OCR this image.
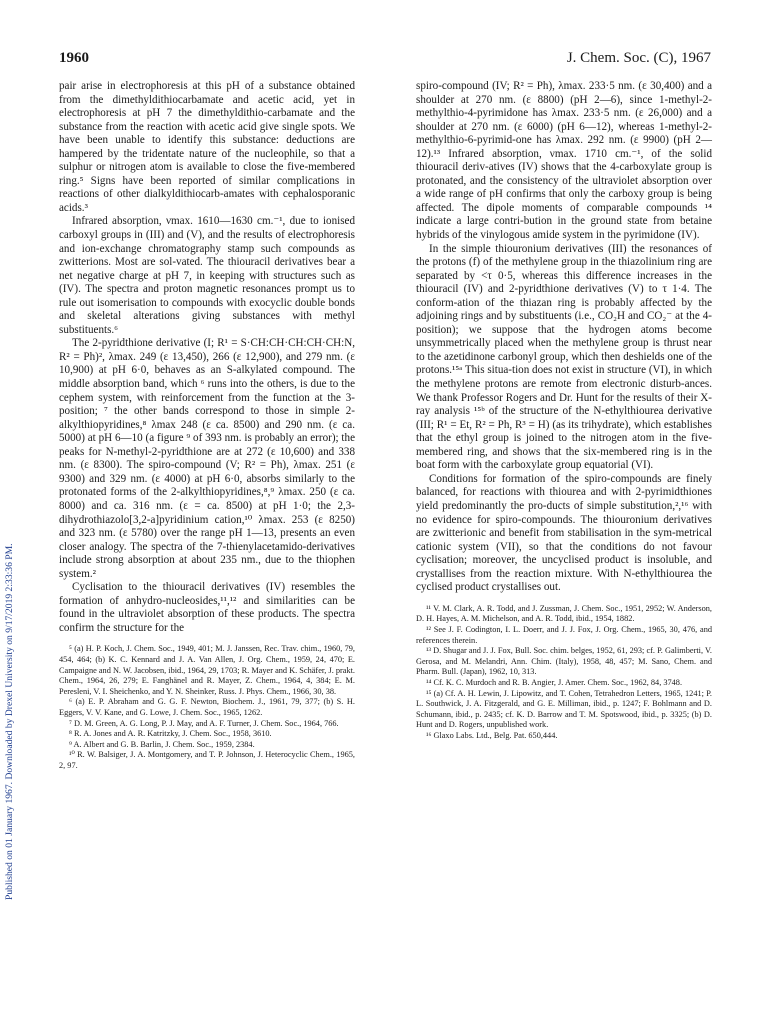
1960	J. Chem. Soc. (C), 1967
Published on 01 January 1967. Downloaded by Drexel University on 9/17/2019 2:33:36 PM.

pair arise in electrophoresis at this pH of a substance obtained from the dimethyldithiocarbamate and acetic acid, yet in electrophoresis at pH 7 the dimethyldithio-carbamate and the substance from the reaction with acetic acid give single spots. We have been unable to identify this substance: deductions are hampered by the tridentate nature of the nucleophile, so that a sulphur or nitrogen atom is available to close the five-membered ring.⁵ Signs have been reported of similar complications in reactions of other dialkyldithiocarb-amates with cephalosporanic acids.³

Infrared absorption, νmax. 1610—1630 cm.⁻¹, due to ionised carboxyl groups in (III) and (V), and the results of electrophoresis and ion-exchange chromatography stamp such compounds as zwitterions. Most are sol-vated. The thiouracil derivatives bear a net negative charge at pH 7, in keeping with structures such as (IV). The spectra and proton magnetic resonances prompt us to rule out isomerisation to compounds with exocyclic double bonds and skeletal alterations giving substances with methyl substituents.⁶

The 2-pyridthione derivative (I; R¹ = S·CH:CH·CH:CH·CH:N, R² = Ph)², λmax. 249 (ε 13,450), 266 (ε 12,900), and 279 nm. (ε 10,900) at pH 6·0, behaves as an S-alkylated compound. The middle absorption band, which ⁶ runs into the others, is due to the cephem system, with reinforcement from the function at the 3-position; ⁷ the other bands correspond to those in simple 2-alkylthiopyridines,⁸ λmax 248 (ε ca. 8500) and 290 nm. (ε ca. 5000) at pH 6—10 (a figure ⁹ of 393 nm. is probably an error); the peaks for N-methyl-2-pyridthione are at 272 (ε 10,600) and 338 nm. (ε 8300). The spiro-compound (V; R² = Ph), λmax. 251 (ε 9300) and 329 nm. (ε 4000) at pH 6·0, absorbs similarly to the protonated forms of the 2-alkylthiopyridines,⁸,⁹ λmax. 250 (ε ca. 8000) and ca. 316 nm. (ε = ca. 8500) at pH 1·0; the 2,3-dihydrothiazolo[3,2-a]pyridinium cation,¹⁰ λmax. 253 (ε 8250) and 323 nm. (ε 5780) over the range pH 1—13, presents an even closer analogy. The spectra of the 7-thienylacetamido-derivatives include strong absorption at about 235 nm., due to the thiophen system.²

Cyclisation to the thiouracil derivatives (IV) resembles the formation of anhydro-nucleosides,¹¹,¹² and similarities can be found in the ultraviolet absorption of these products. The spectra confirm the structure for the

⁵ (a) H. P. Koch, J. Chem. Soc., 1949, 401; M. J. Janssen, Rec. Trav. chim., 1960, 79, 454, 464; (b) K. C. Kennard and J. A. Van Allen, J. Org. Chem., 1959, 24, 470; E. Campaigne and N. W. Jacobsen, ibid., 1964, 29, 1703; R. Mayer and K. Schäfer, J. prakt. Chem., 1964, 26, 279; E. Fanghänel and R. Mayer, Z. Chem., 1964, 4, 384; E. M. Peresleni, V. I. Sheichenko, and Y. N. Sheinker, Russ. J. Phys. Chem., 1966, 30, 38.

⁶ (a) E. P. Abraham and G. G. F. Newton, Biochem. J., 1961, 79, 377; (b) S. H. Eggers, V. V. Kane, and G. Lowe, J. Chem. Soc., 1965, 1262.

⁷ D. M. Green, A. G. Long, P. J. May, and A. F. Turner, J. Chem. Soc., 1964, 766.

⁸ R. A. Jones and A. R. Katritzky, J. Chem. Soc., 1958, 3610.

⁹ A. Albert and G. B. Barlin, J. Chem. Soc., 1959, 2384.

¹⁰ R. W. Balsiger, J. A. Montgomery, and T. P. Johnson, J. Heterocyclic Chem., 1965, 2, 97.

spiro-compound (IV; R² = Ph), λmax. 233·5 nm. (ε 30,400) and a shoulder at 270 nm. (ε 8800) (pH 2—6), since 1-methyl-2-methylthio-4-pyrimidone has λmax. 233·5 nm. (ε 26,000) and a shoulder at 270 nm. (ε 6000) (pH 6—12), whereas 1-methyl-2-methylthio-6-pyrimid-one has λmax. 292 nm. (ε 9900) (pH 2—12).¹³ Infrared absorption, νmax. 1710 cm.⁻¹, of the solid thiouracil deriv-atives (IV) shows that the 4-carboxylate group is protonated, and the consistency of the ultraviolet absorption over a wide range of pH confirms that only the carboxy group is being affected. The dipole moments of comparable compounds ¹⁴ indicate a large contri-bution in the ground state from betaine hybrids of the vinylogous amide system in the pyrimidone (IV).

In the simple thiouronium derivatives (III) the resonances of the protons (f) of the methylene group in the thiazolinium ring are separated by <τ 0·5, whereas this difference increases in the thiouracil (IV) and 2-pyridthione derivatives (V) to τ 1·4. The conform-ation of the thiazan ring is probably affected by the adjoining rings and by substituents (i.e., CO₂H and CO₂⁻ at the 4-position); we suppose that the hydrogen atoms become unsymmetrically placed when the methylene group is thrust near to the azetidinone carbonyl group, which then deshields one of the protons.¹⁵ᵃ This situa-tion does not exist in structure (VI), in which the methylene protons are remote from electronic disturb-ances. We thank Professor Rogers and Dr. Hunt for the results of their X-ray analysis ¹⁵ᵇ of the structure of the N-ethylthiourea derivative (III; R¹ = Et, R² = Ph, R³ = H) (as its trihydrate), which establishes that the ethyl group is joined to the nitrogen atom in the five-membered ring, and shows that the six-membered ring is in the boat form with the carboxylate group equatorial (VI).

Conditions for formation of the spiro-compounds are finely balanced, for reactions with thiourea and with 2-pyrimidthiones yield predominantly the pro-ducts of simple substitution,²,¹⁶ with no evidence for spiro-compounds. The thiouronium derivatives are zwitterionic and benefit from stabilisation in the sym-metrical cationic system (VII), so that the conditions do not favour cyclisation; moreover, the uncyclised product is insoluble, and crystallises from the reaction mixture. With N-ethylthiourea the cyclised product crystallises out.

¹¹ V. M. Clark, A. R. Todd, and J. Zussman, J. Chem. Soc., 1951, 2952; W. Anderson, D. H. Hayes, A. M. Michelson, and A. R. Todd, ibid., 1954, 1882.

¹² See J. F. Codington, I. L. Doerr, and J. J. Fox, J. Org. Chem., 1965, 30, 476, and references therein.

¹³ D. Shugar and J. J. Fox, Bull. Soc. chim. belges, 1952, 61, 293; cf. P. Galimberti, V. Gerosa, and M. Melandri, Ann. Chim. (Italy), 1958, 48, 457; M. Sano, Chem. and Pharm. Bull. (Japan), 1962, 10, 313.

¹⁴ Cf. K. C. Murdoch and R. B. Angier, J. Amer. Chem. Soc., 1962, 84, 3748.

¹⁵ (a) Cf. A. H. Lewin, J. Lipowitz, and T. Cohen, Tetrahedron Letters, 1965, 1241; P. L. Southwick, J. A. Fitzgerald, and G. E. Milliman, ibid., p. 1247; F. Bohlmann and D. Schumann, ibid., p. 2435; cf. K. D. Barrow and T. M. Spotswood, ibid., p. 3325; (b) D. Hunt and D. Rogers, unpublished work.

¹⁶ Glaxo Labs. Ltd., Belg. Pat. 650,444.
